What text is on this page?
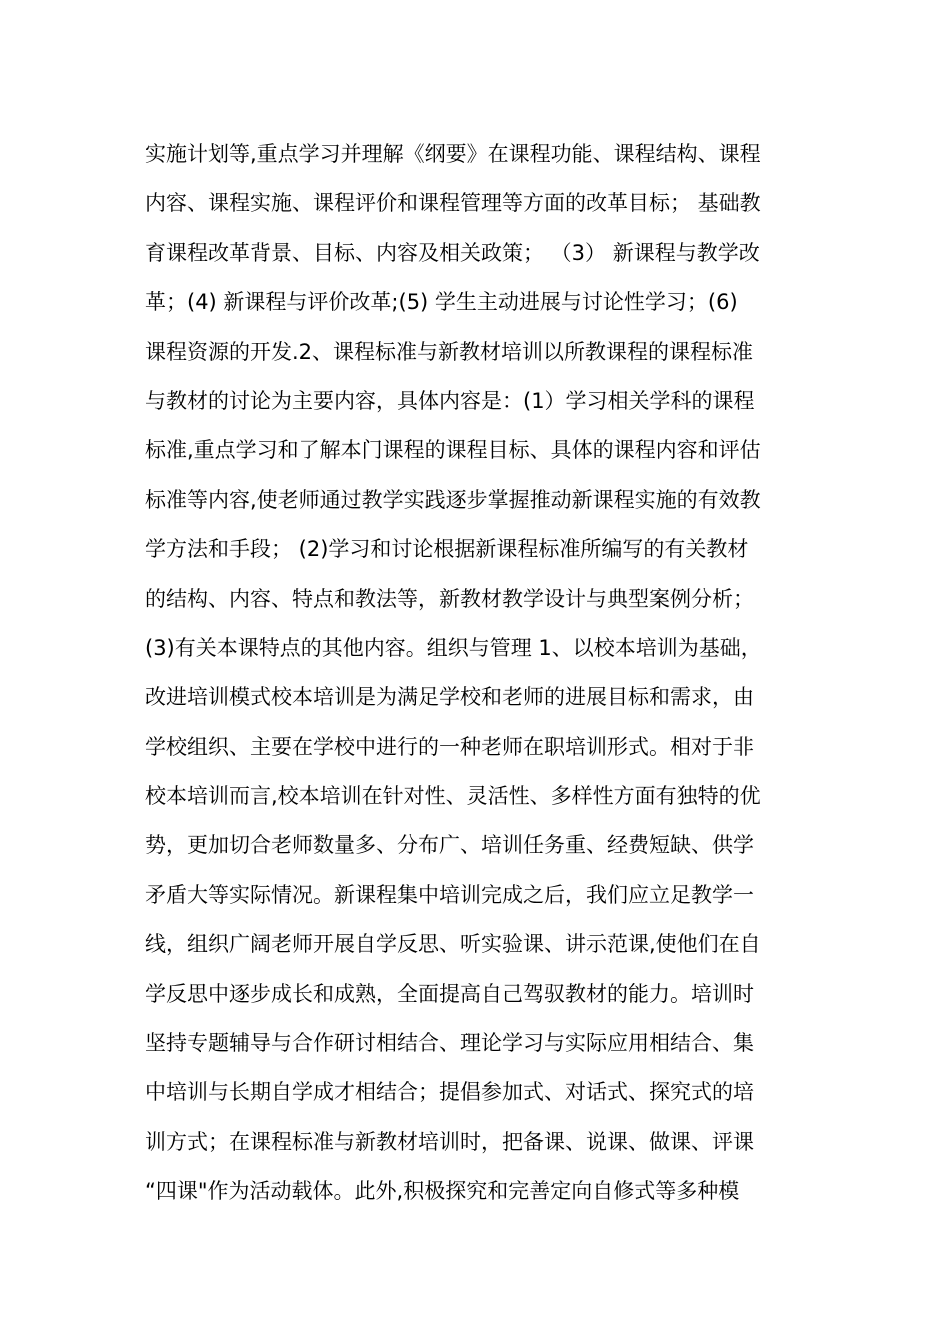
实施计划等,重点学习并理解《纲要》在课程功能、课程结构、课程
内容、课程实施、课程评价和课程管理等方面的改革目标； 基础教
育课程改革背景、目标、内容及相关政策； （3） 新课程与教学改
革；(4) 新课程与评价改革;(5) 学生主动进展与讨论性学习；(6)
课程资源的开发.2、课程标准与新教材培训以所教课程的课程标准
与教材的讨论为主要内容，具体内容是：(1）学习相关学科的课程
标准,重点学习和了解本门课程的课程目标、具体的课程内容和评估
标准等内容,使老师通过教学实践逐步掌握推动新课程实施的有效教
学方法和手段； (2)学习和讨论根据新课程标准所编写的有关教材
的结构、内容、特点和教法等，新教材教学设计与典型案例分析；
(3)有关本课特点的其他内容。组织与管理 1、以校本培训为基础，
改进培训模式校本培训是为满足学校和老师的进展目标和需求，由
学校组织、主要在学校中进行的一种老师在职培训形式。相对于非
校本培训而言,校本培训在针对性、灵活性、多样性方面有独特的优
势，更加切合老师数量多、分布广、培训任务重、经费短缺、供学
矛盾大等实际情况。新课程集中培训完成之后，我们应立足教学一
线，组织广阔老师开展自学反思、听实验课、讲示范课,使他们在自
学反思中逐步成长和成熟，全面提高自己驾驭教材的能力。培训时
坚持专题辅导与合作研讨相结合、理论学习与实际应用相结合、集
中培训与长期自学成才相结合；提倡参加式、对话式、探究式的培
训方式；在课程标准与新教材培训时，把备课、说课、做课、评课
“四课"作为活动载体。此外,积极探究和完善定向自修式等多种模
